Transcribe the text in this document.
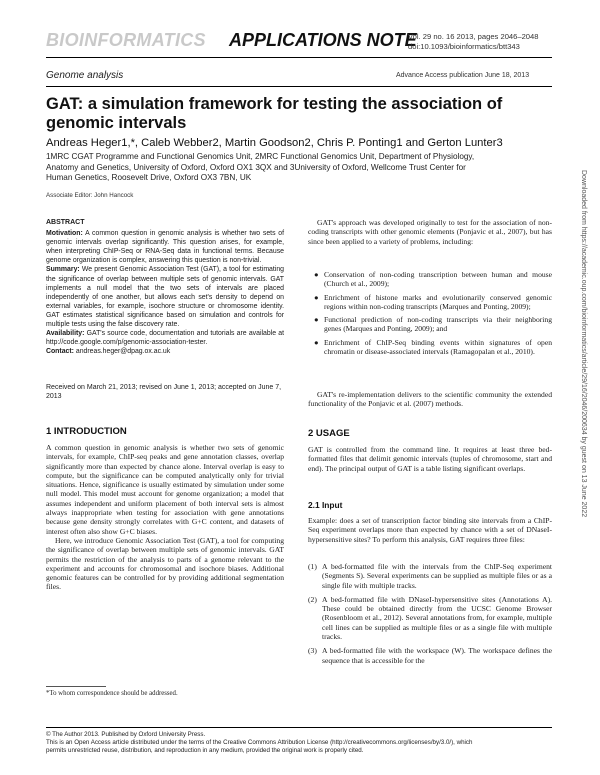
BIOINFORMATICS APPLICATIONS NOTE
Vol. 29 no. 16 2013, pages 2046–2048
doi:10.1093/bioinformatics/btt343
Genome analysis	Advance Access publication June 18, 2013
GAT: a simulation framework for testing the association of
genomic intervals
Andreas Heger1,*, Caleb Webber2, Martin Goodson2, Chris P. Ponting1 and Gerton Lunter3

1MRC CGAT Programme and Functional Genomics Unit, 2MRC Functional Genomics Unit, Department of Physiology,

Anatomy and Genetics, University of Oxford, Oxford OX1 3QX and 3University of Oxford, Wellcome Trust Center for

Human Genetics, Roosevelt Drive, Oxford OX3 7BN, UK

Associate Editor: John Hancock
ABSTRACT

Motivation: A common question in genomic analysis is whether two sets of genomic intervals overlap significantly. This question arises, for example, when interpreting ChIP-Seq or RNA-Seq data in functional terms. Because genome organization is complex, answering this question is non-trivial.

Summary: We present Genomic Association Test (GAT), a tool for estimating the significance of overlap between multiple sets of genomic intervals. GAT implements a null model that the two sets of intervals are placed independently of one another, but allows each set's density to depend on external variables, for example, isochore structure or chromosome identity. GAT estimates statistical significance based on simulation and controls for multiple tests using the false discovery rate.

Availability: GAT's source code, documentation and tutorials are available at http://code.google.com/p/genomic-association-tester.

Contact: andreas.heger@dpag.ox.ac.uk

Received on March 21, 2013; revised on June 1, 2013; accepted on June 7, 2013
1 INTRODUCTION

A common question in genomic analysis is whether two sets of genomic intervals, for example, ChIP-seq peaks and gene annotation classes, overlap significantly more than expected by chance alone. Interval overlap is easy to compute, but the significance can be computed analytically only for trivial situations. Hence, significance is usually estimated by simulation under some null model. This model must account for genome organization; a model that assumes independent and uniform placement of both interval sets is almost always inappropriate when testing for association with gene annotations because gene density strongly correlates with G+C content, and datasets of interest often also show G+C biases.

Here, we introduce Genomic Association Test (GAT), a tool for computing the significance of overlap between multiple sets of genomic intervals. GAT permits the restriction of the analysis to parts of a genome relevant to the experiment and accounts for chromosomal and isochore biases. Additional genomic features can be controlled for by providing additional segmentation files.

*To whom correspondence should be addressed.

GAT's approach was developed originally to test for the association of non-coding transcripts with other genomic elements (Ponjavic et al., 2007), but has since been applied to a variety of problems, including:

● Conservation of non-coding transcription between human and mouse (Church et al., 2009);
● Enrichment of histone marks and evolutionarily conserved genomic regions within non-coding transcripts (Marques and Ponting, 2009);
● Functional prediction of non-coding transcripts via their neighboring genes (Marques and Ponting, 2009); and
● Enrichment of ChIP-Seq binding events within signatures of open chromatin or disease-associated intervals (Ramagopalan et al., 2010).

GAT's re-implementation delivers to the scientific community the extended functionality of the Ponjavic et al. (2007) methods.

2 USAGE

GAT is controlled from the command line. It requires at least three bed-formatted files that delimit genomic intervals (tuples of chromosome, start and end). The principal output of GAT is a table listing significant overlaps.

2.1 Input

Example: does a set of transcription factor binding site intervals from a ChIP-Seq experiment overlaps more than expected by chance with a set of DNaseI-hypersensitive sites? To perform this analysis, GAT requires three files:

(1) A bed-formatted file with the intervals from the ChIP-Seq experiment (Segments S). Several experiments can be supplied as multiple files or as a single file with multiple tracks.
(2) A bed-formatted file with DNaseI-hypersensitive sites (Annotations A). These could be obtained directly from the UCSC Genome Browser (Rosenbloom et al., 2012). Several annotations from, for example, multiple cell lines can be supplied as multiple files or as a single file with multiple tracks.
(3) A bed-formatted file with the workspace (W). The workspace defines the sequence that is accessible for the
Downloaded from https://academic.oup.com/bioinformatics/article/29/16/2046/200634 by guest on 13 June 2022

© The Author 2013. Published by Oxford University Press.

This is an Open Access article distributed under the terms of the Creative Commons Attribution License (http://creativecommons.org/licenses/by/3.0/), which

permits unrestricted reuse, distribution, and reproduction in any medium, provided the original work is properly cited.
